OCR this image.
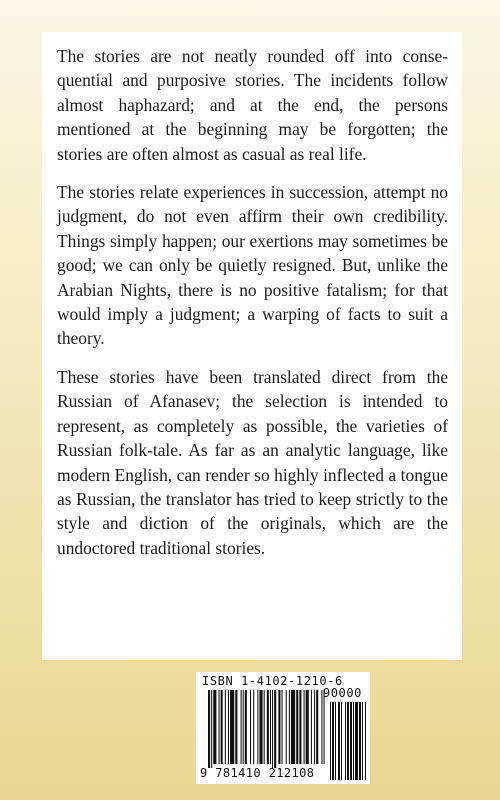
The stories are not neatly rounded off into consequential and purposive stories. The incidents follow almost haphazard; and at the end, the persons mentioned at the beginning may be forgotten; the stories are often almost as casual as real life.

The stories relate experiences in succession, attempt no judgment, do not even affirm their own credibility. Things simply happen; our exertions may sometimes be good; we can only be quietly resigned. But, unlike the Arabian Nights, there is no positive fatalism; for that would imply a judgment; a warping of facts to suit a theory.

These stories have been translated direct from the Russian of Afanasev; the selection is intended to represent, as completely as possible, the varieties of Russian folk-tale. As far as an analytic language, like modern English, can render so highly inflected a tongue as Russian, the translator has tried to keep strictly to the style and diction of the originals, which are the undoctored traditional stories.

ISBN 1-4102-1210-6
90000
9 781410 212108
